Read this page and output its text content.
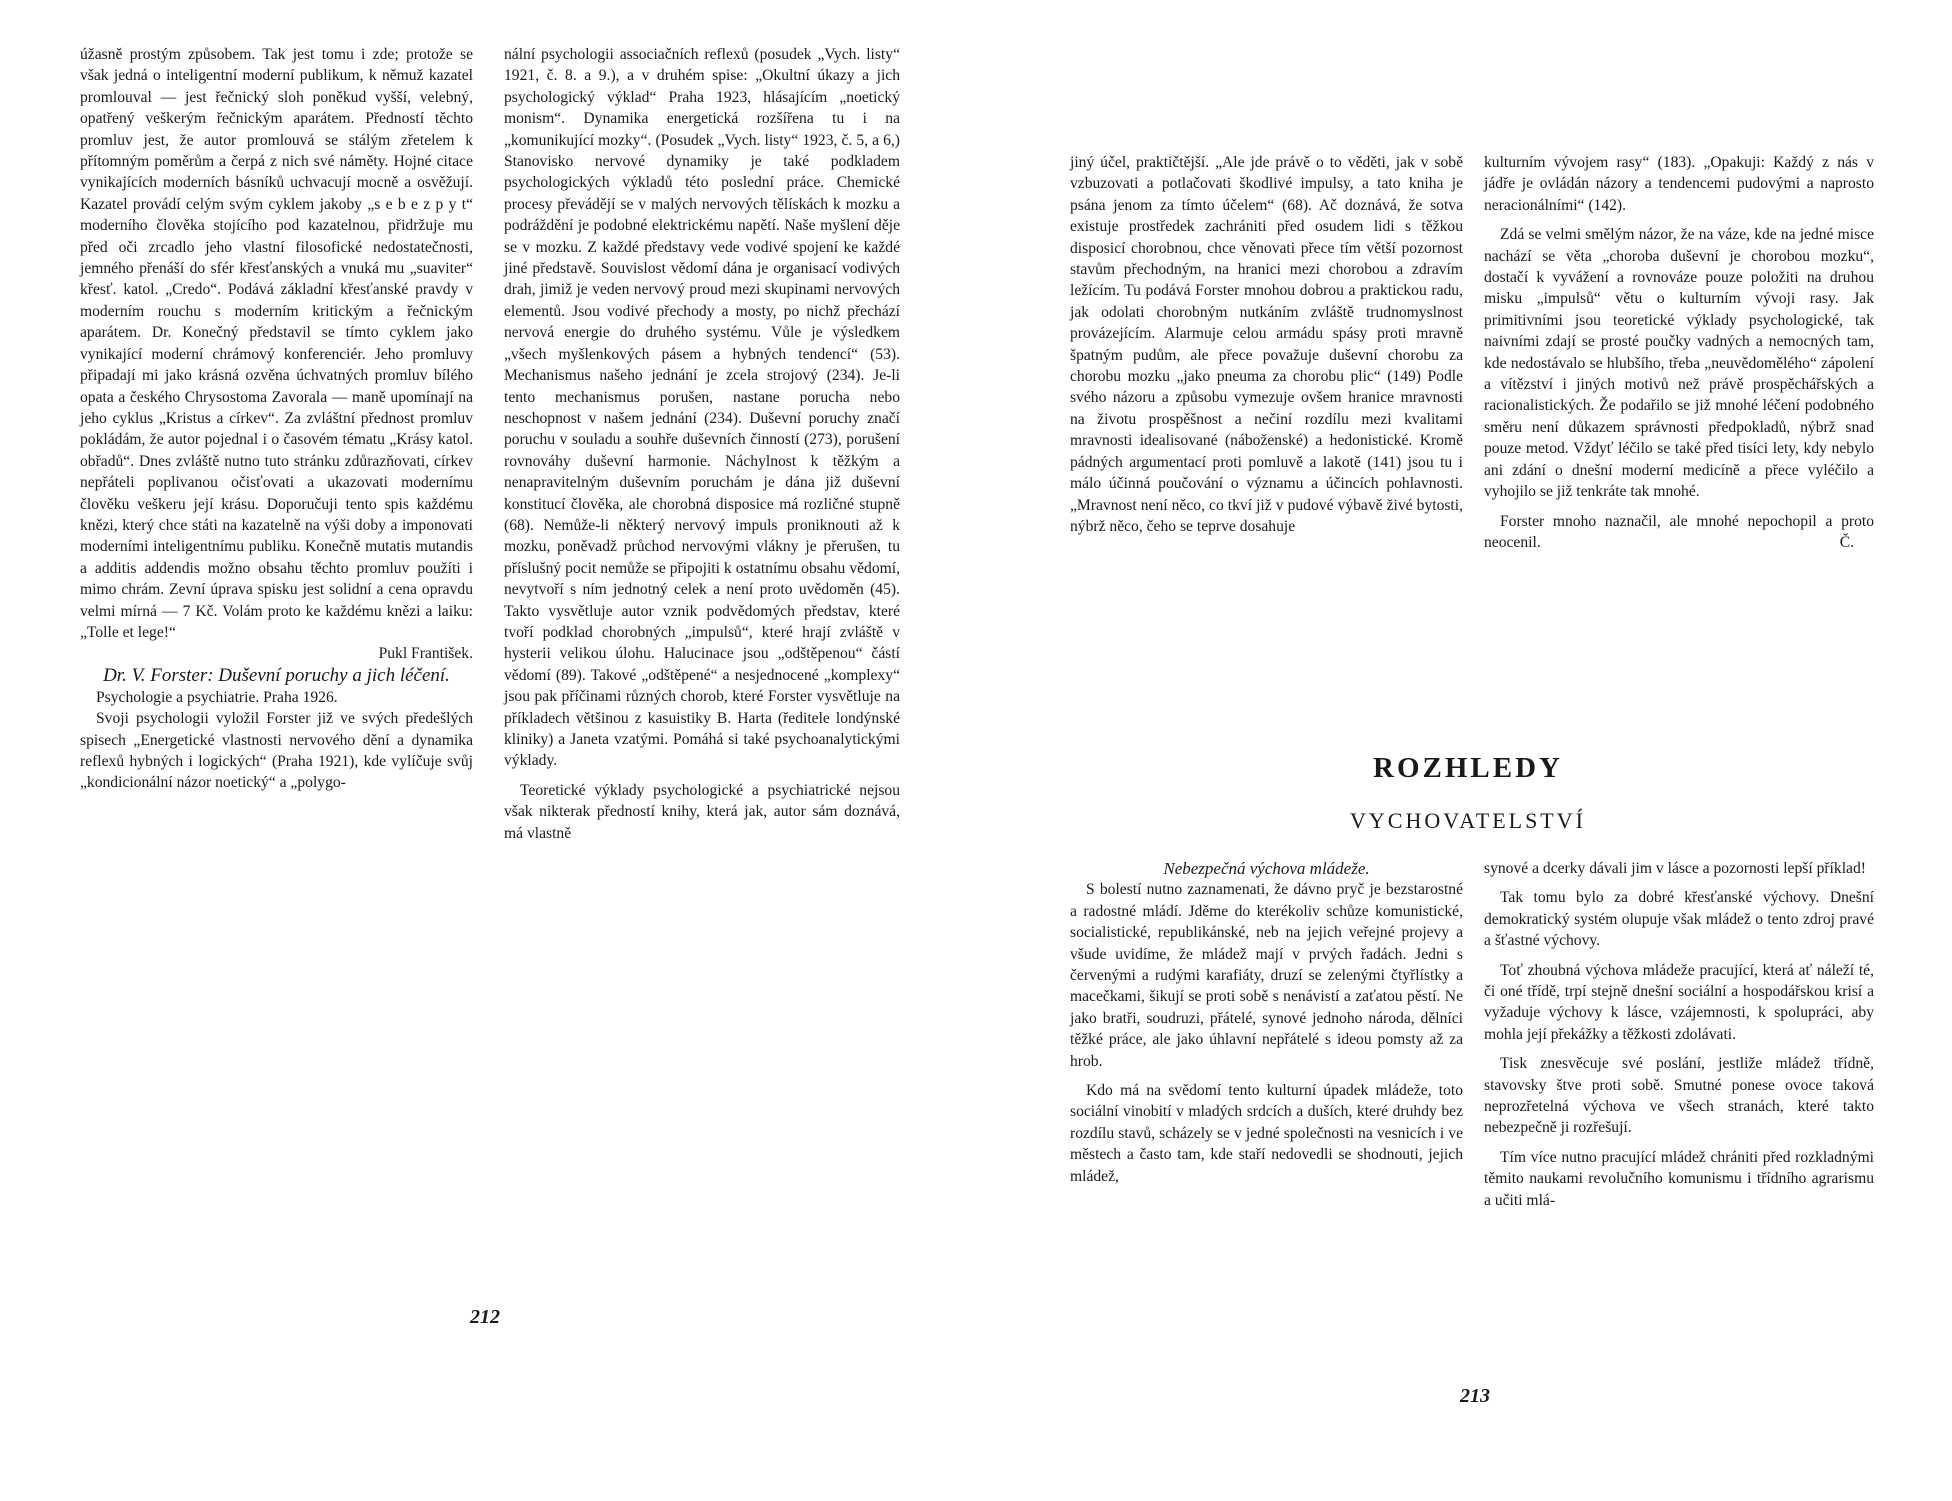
úžasně prostým způsobem. Tak jest tomu i zde; protože se však jedná o inteligentní moderní publikum, k němuž kazatel promlouval — jest řečnický sloh poněkud vyšší, velebný, opatřený veškerým řečnickým aparátem. Předností těchto promluv jest, že autor promlouvá se stálým zřetelem k přítomným poměrům a čerpá z nich své náměty. Hojné citace vynikajících moderních básníků uchvacují mocně a osvěžují. Kazatel provádí celým svým cyklem jakoby „s e b e z p y t“ moderního člověka stojícího pod kazatelnou, přidržuje mu před oči zrcadlo jeho vlastní filosofické nedostatečnosti, jemného přenáší do sfér křesťanských a vnuká mu „suaviter“ křesť. katol. „Credo“. Podává základní křesťanské pravdy v moderním rouchu s moderním kritickým a řečnickým aparátem. Dr. Konečný představil se tímto cyklem jako vynikající moderní chrámový konferenciér. Jeho promluvy připadají mi jako krásná ozvěna úchvatných promluv bílého opata a českého Chrysostoma Zavorala — maně upomínají na jeho cyklus „Kristus a církev“. Za zvláštní přednost promluv pokládám, že autor pojednal i o časovém tématu „Krásy katol. obřadů“. Dnes zvláště nutno tuto stránku zdůrazňovati, církev nepřáteli poplivanou očisťovati a ukazovati modernímu člověku veškeru její krásu. Doporučuji tento spis každému knězi, který chce státi na kazatelně na výši doby a imponovati moderními inteligentnímu publiku. Konečně mutatis mutandis a additis addendis možno obsahu těchto promluv použíti i mimo chrám. Zevní úprava spisku jest solidní a cena opravdu velmi mírná — 7 Kč. Volám proto ke každému knězi a laiku: „Tolle et lege!“

Pukl František.

Dr. V. Forster: Duševní poruchy a jich léčení.

Psychologie a psychiatrie. Praha 1926.

Svoji psychologii vyložil Forster již ve svých předešlých spisech „Energetické vlastnosti nervového dění a dynamika reflexů hybných i logických“ (Praha 1921), kde vylíčuje svůj „kondicionální názor noetický“ a „polygo-

nální psychologii associačních reflexů (posudek „Vych. listy“ 1921, č. 8. a 9.), a v druhém spise: „Okultní úkazy a jich psychologický výklad“ Praha 1923, hlásajícím „noetický monism“. Dynamika energetická rozšířena tu i na „komunikující mozky“. (Posudek „Vych. listy“ 1923, č. 5, a 6,) Stanovisko nervové dynamiky je také podkladem psychologických výkladů této poslední práce. Chemické procesy převádějí se v malých nervových tělískách k mozku a podráždění je podobné elektrickému napětí. Naše myšlení děje se v mozku. Z každé představy vede vodivé spojení ke každé jiné představě. Souvislost vědomí dána je organisací vodivých drah, jimiž je veden nervový proud mezi skupinami nervových elementů. Jsou vodivé přechody a mosty, po nichž přechází nervová energie do druhého systému. Vůle je výsledkem „všech myšlenkových pásem a hybných tendencí“ (53). Mechanismus našeho jednání je zcela strojový (234). Je-li tento mechanismus porušen, nastane porucha nebo neschopnost v našem jednání (234). Duševní poruchy značí poruchu v souladu a souhře duševních činností (273), porušení rovnováhy duševní harmonie. Náchylnost k těžkým a nenapravitelným duševním poruchám je dána již duševní konstitucí člověka, ale chorobná disposice má rozličné stupně (68). Nemůže-li některý nervový impuls proniknouti až k mozku, poněvadž průchod nervovými vlákny je přerušen, tu příslušný pocit nemůže se připojiti k ostatnímu obsahu vědomí, nevytvoří s ním jednotný celek a není proto uvědoměn (45). Takto vysvětluje autor vznik podvědomých představ, které tvoří podklad chorobných „impulsů“, které hrají zvláště v hysterii velikou úlohu. Halucinace jsou „odštěpenou“ částí vědomí (89). Takové „odštěpené“ a nesjednocené „komplexy“ jsou pak příčinami různých chorob, které Forster vysvětluje na příkladech většinou z kasuistiky B. Harta (ředitele londýnské kliniky) a Janeta vzatými. Pomáhá si také psychoanalytickými výklady.

Teoretické výklady psychologické a psychiatrické nejsou však nikterak předností knihy, která jak, autor sám doznává, má vlastně

212

jiný účel, praktičtější. „Ale jde právě o to věděti, jak v sobě vzbuzovati a potlačovati škodlivé impulsy, a tato kniha je psána jenom za tímto účelem“ (68). Ač doznává, že sotva existuje prostředek zachrániti před osudem lidi s těžkou disposicí chorobnou, chce věnovati přece tím větší pozornost stavům přechodným, na hranici mezi chorobou a zdravím ležícím. Tu podává Forster mnohou dobrou a praktickou radu, jak odolati chorobným nutkáním zvláště trudnomyslnost provázejícím. Alarmuje celou armádu spásy proti mravně špatným pudům, ale přece považuje duševní chorobu za chorobu mozku „jako pneuma za chorobu plic“ (149) Podle svého názoru a způsobu vymezuje ovšem hranice mravnosti na životu prospěšnost a nečiní rozdílu mezi kvalitami mravnosti idealisované (náboženské) a hedonistické. Kromě pádných argumentací proti pomluvě a lakotě (141) jsou tu i málo účinná poučování o významu a účincích pohlavnosti. „Mravnost není něco, co tkví již v pudové výbavě živé bytosti, nýbrž něco, čeho se teprve dosahuje

kulturním vývojem rasy“ (183). „Opakuji: Každý z nás v jádře je ovládán názory a tendencemi pudovými a naprosto neracionálními“ (142).

Zdá se velmi smělým názor, že na váze, kde na jedné misce nachází se věta „choroba duševní je chorobou mozku“, dostačí k vyvážení a rovnováze pouze položiti na druhou misku „impulsů“ větu o kulturním vývoji rasy. Jak primitivními jsou teoretické výklady psychologické, tak naivními zdají se prosté poučky vadných a nemocných tam, kde nedostávalo se hlubšího, třeba „neuvědomělého“ zápolení a vítězství i jiných motivů než právě prospěchářských a racionalistických. Že podařilo se již mnohé léčení podobného směru není důkazem správnosti předpokladů, nýbrž snad pouze metod. Vždyť léčilo se také před tisíci lety, kdy nebylo ani zdání o dnešní moderní medicíně a přece vyléčilo a vyhojilo se již tenkráte tak mnohé.

Forster mnoho naznačil, ale mnohé nepochopil a proto neocenil.	Č.

ROZHLEDY
VYCHOVATELSTVÍ

Nebezpečná výchova mládeže.

S bolestí nutno zaznamenati, že dávno pryč je bezstarostné a radostné mládí. Jděme do kterékoliv schůze komunistické, socialistické, republikánské, neb na jejich veřejné projevy a všude uvidíme, že mládež mají v prvých řadách. Jedni s červenými a rudými karafiáty, druzí se zelenými čtyřlístky a macečkami, šikují se proti sobě s nenávistí a zaťatou pěstí. Ne jako bratři, soudruzi, přátelé, synové jednoho národa, dělníci těžké práce, ale jako úhlavní nepřátelé s ideou pomsty až za hrob.

Kdo má na svědomí tento kulturní úpadek mládeže, toto sociální vinobití v mladých srdcích a duších, které druhdy bez rozdílu stavů, scházely se v jedné společnosti na vesnicích i ve městech a často tam, kde staří nedovedli se shodnouti, jejich mládež,

synové a dcerky dávali jim v lásce a pozornosti lepší příklad!

Tak tomu bylo za dobré křesťanské výchovy. Dnešní demokratický systém olupuje však mládež o tento zdroj pravé a šťastné výchovy.

Toť zhoubná výchova mládeže pracující, která ať náleží té, či oné třídě, trpí stejně dnešní sociální a hospodářskou krisí a vyžaduje výchovy k lásce, vzájemnosti, k spolupráci, aby mohla její překážky a těžkosti zdolávati.

Tisk znesvěcuje své poslání, jestliže mládež třídně, stavovsky štve proti sobě. Smutné ponese ovoce taková neprozřetelná výchova ve všech stranách, které takto nebezpečně ji rozřešují.

Tím více nutno pracující mládež chrániti před rozkladnými těmito naukami revolučního komunismu i třídního agrarismu a učiti mlá-

213
